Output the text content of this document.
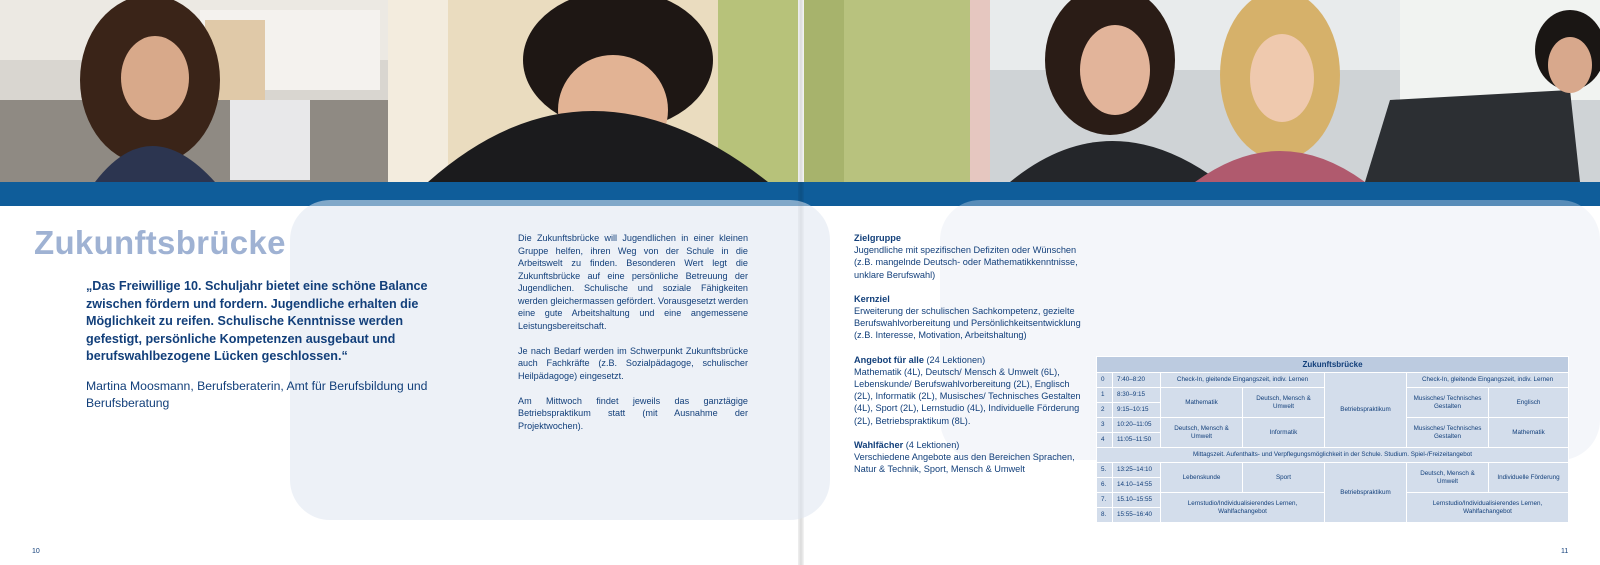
Zukunftsbrücke

„Das Freiwillige 10. Schuljahr bietet eine schöne Balance zwischen fördern und fordern. Jugendliche erhalten die Möglichkeit zu reifen. Schulische Kenntnisse werden gefestigt, persönliche Kompetenzen ausgebaut und berufswahlbezogene Lücken geschlossen.“

Martina Moosmann, Berufsberaterin, Amt für Berufsbildung und Berufsberatung

Die Zukunftsbrücke will Jugendlichen in einer kleinen Gruppe helfen, ihren Weg von der Schule in die Arbeitswelt zu finden. Besonderen Wert legt die Zukunftsbrücke auf eine persönliche Betreuung der Jugendlichen. Schulische und soziale Fähigkeiten werden gleichermassen gefördert. Vorausgesetzt werden eine gute Arbeitshaltung und eine angemessene Leistungsbereitschaft.

Je nach Bedarf werden im Schwerpunkt Zukunftsbrücke auch Fachkräfte (z.B. Sozialpädagoge, schulischer Heilpädagoge) eingesetzt.

Am Mittwoch findet jeweils das ganztägige Betriebspraktikum statt (mit Ausnahme der Projektwochen).

10
Zielgruppe
Jugendliche mit spezifischen Defiziten oder Wünschen (z.B. mangelnde Deutsch- oder Mathematikkenntnisse, unklare Berufswahl)
Kernziel
Erweiterung der schulischen Sachkompetenz, gezielte Berufswahlvorbereitung und Persönlichkeitsentwicklung (z.B. Interesse, Motivation, Arbeitshaltung)
Angebot für alle (24 Lektionen)
Mathematik (4L), Deutsch/ Mensch & Umwelt (6L), Lebenskunde/ Berufswahlvorbereitung (2L), Englisch (2L), Informatik (2L), Musisches/ Technisches Gestalten (4L), Sport (2L), Lernstudio (4L), Individuelle Förderung (2L), Betriebspraktikum (8L).
Wahlfächer (4 Lektionen)
Verschiedene Angebote aus den Bereichen Sprachen, Natur & Technik, Sport, Mensch & Umwelt
Zukunftsbrücke						
0	7:40–8:20	Check-In, gleitende Eingangszeit, indiv. Lernen		Betriebspraktikum	Check-In, gleitende Eingangszeit, indiv. Lernen	
1	8:30–9:15	Mathematik	Deutsch, Mensch & Umwelt		Musisches/ Technisches Gestalten	Englisch
2	9:15–10:15					
3	10:20–11:05	Deutsch, Mensch & Umwelt	Informatik		Musisches/ Technisches Gestalten	Mathematik
4	11:05–11:50					
Mittagszeit. Aufenthalts- und Verpflegungsmöglichkeit in der Schule. Studium. Spiel-/Freizeitangebot						
5.	13:25–14:10	Lebenskunde	Sport	Betriebspraktikum	Deutsch, Mensch & Umwelt	Individuelle Förderung
6.	14.10–14:55					
7.	15.10–15:55	Lernstudio/Individualisierendes Lernen, Wahlfachangebot			Lernstudio/Individualisierendes Lernen, Wahlfachangebot	
8.	15:55–16:40					
11
